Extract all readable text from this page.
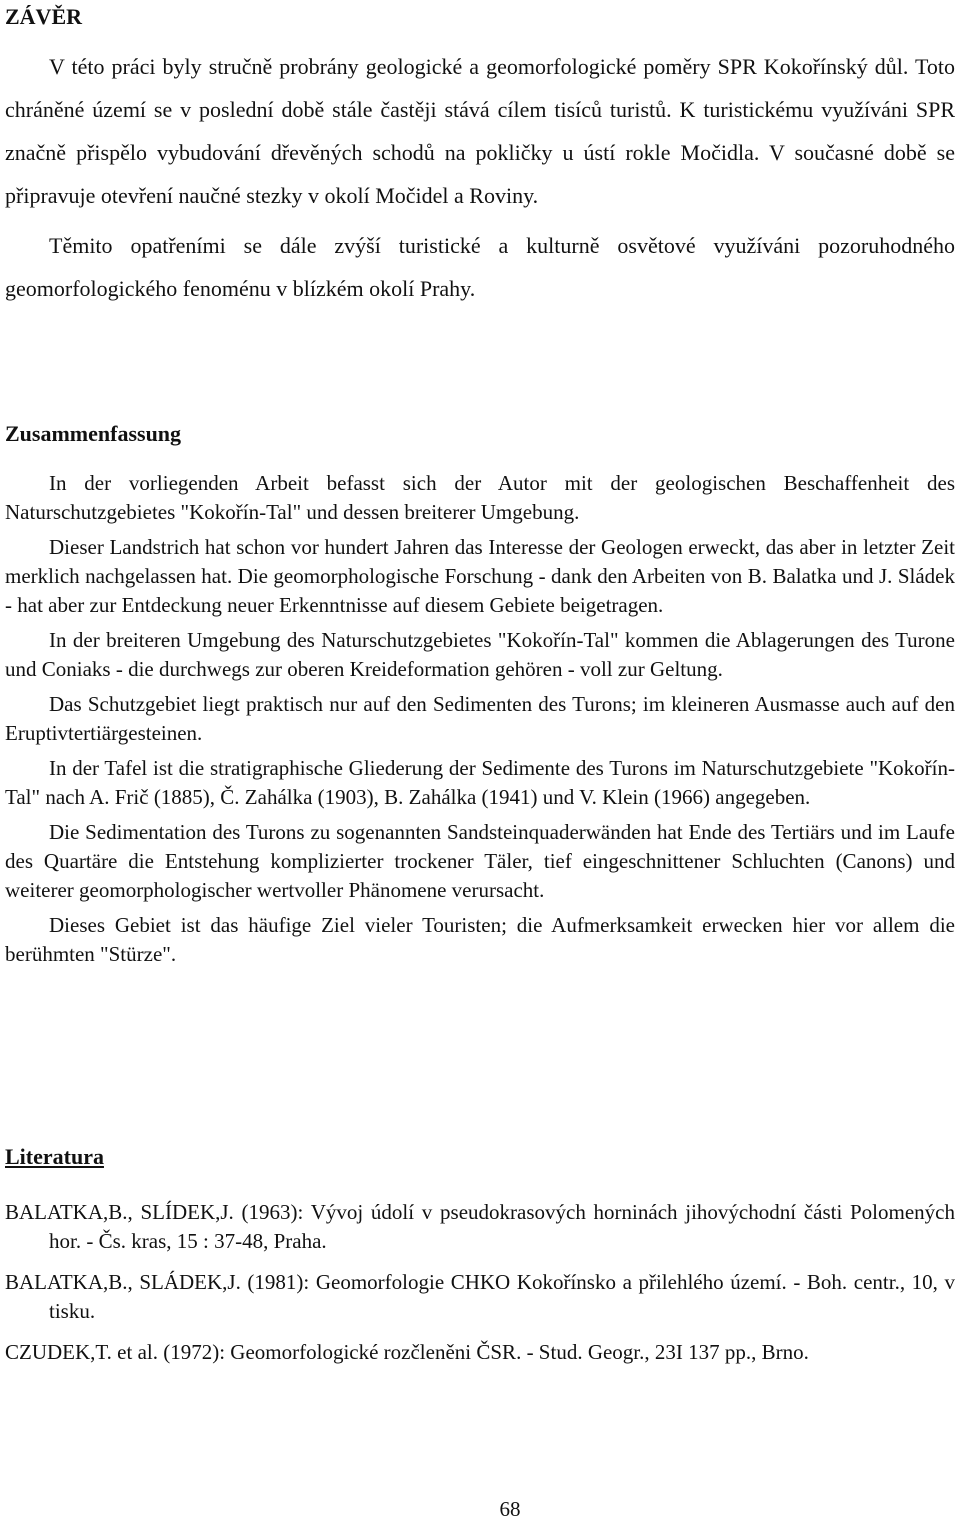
ZÁVĚR

V této práci byly stručně probrány geologické a geomorfologické poměry SPR Kokořínský důl. Toto chráněné území se v poslední době stále častěji stává cílem tisíců turistů. K turistickému využíváni SPR značně přispělo vybudování dřevěných schodů na pokličky u ústí rokle Močidla. V současné době se připravuje otevření naučné stezky v okolí Močidel a Roviny.

Těmito opatřeními se dále zvýší turistické a kulturně osvětové využíváni pozoruhodného geomorfologického fenoménu v blízkém okolí Prahy.

Zusammenfassung

In der vorliegenden Arbeit befasst sich der Autor mit der geologischen Beschaffenheit des Naturschutzgebietes "Kokořín-Tal" und dessen breiterer Umgebung.

Dieser Landstrich hat schon vor hundert Jahren das Interesse der Geologen erweckt, das aber in letzter Zeit merklich nachgelassen hat. Die geomorphologische Forschung - dank den Arbeiten von B. Balatka und J. Sládek - hat aber zur Entdeckung neuer Erkenntnisse auf diesem Gebiete beigetragen.

In der breiteren Umgebung des Naturschutzgebietes "Kokořín-Tal" kommen die Ablagerungen des Turone und Coniaks - die durchwegs zur oberen Kreideformation gehören - voll zur Geltung.

Das Schutzgebiet liegt praktisch nur auf den Sedimenten des Turons; im kleineren Ausmasse auch auf den Eruptivtertiärgesteinen.

In der Tafel ist die stratigraphische Gliederung der Sedimente des Turons im Naturschutzgebiete "Kokořín-Tal" nach A. Frič (1885), Č. Zahálka (1903), B. Zahálka (1941) und V. Klein (1966) angegeben.

Die Sedimentation des Turons zu sogenannten Sandsteinquaderwänden hat Ende des Tertiärs und im Laufe des Quartäre die Entstehung komplizierter trockener Täler, tief eingeschnittener Schluchten (Canons) und weiterer geomorphologischer wertvoller Phänomene verursacht.

Dieses Gebiet ist das häufige Ziel vieler Touristen; die Aufmerksamkeit erwecken hier vor allem die berühmten "Stürze".

Literatura

BALATKA,B., SLÍDEK,J. (1963): Vývoj údolí v pseudokrasových horninách jihovýchodní části Polomených hor. - Čs. kras, 15 : 37-48, Praha.

BALATKA,B., SLÁDEK,J. (1981): Geomorfologie CHKO Kokořínsko a přilehlého území. - Boh. centr., 10, v tisku.

CZUDEK,T. et al. (1972): Geomorfologické rozčleněni ČSR. - Stud. Geogr., 23I 137 pp., Brno.

68
